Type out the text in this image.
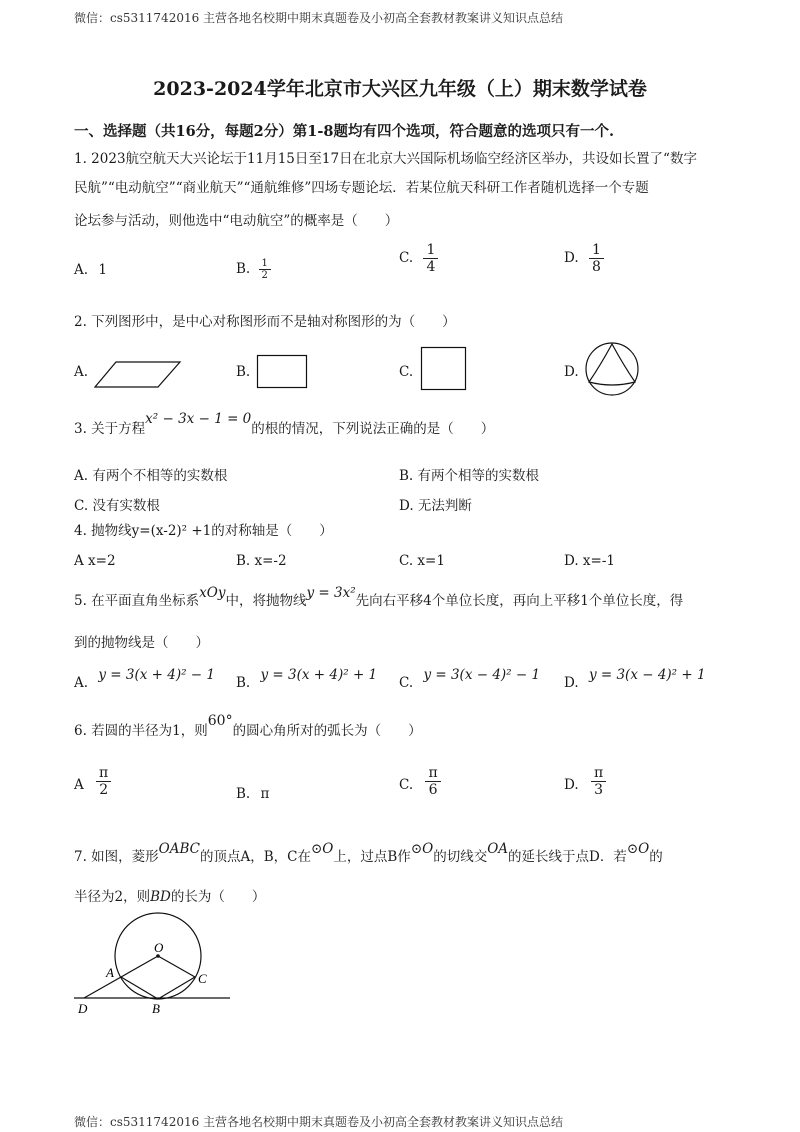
微信：cs5311742016 主营各地名校期中期末真题卷及小初高全套教材教案讲义知识点总结
微信：cs5311742016 主营各地名校期中期末真题卷及小初高全套教材教案讲义知识点总结
2023-2024学年北京市大兴区九年级（上）期末数学试卷
一、选择题（共16分，每题2分）第1-8题均有四个选项，符合题意的选项只有一个.
1. 2023航空航天大兴论坛于11月15日至17日在北京大兴国际机场临空经济区举办，共设如长置了“数字
民航”“电动航空”“商业航天”“通航维修”四场专题论坛．若某位航天科研工作者随机选择一个专题
论坛参与活动，则他选中“电动航空”的概率是（　　）
A. 1	B. $\frac{1}{2}$	C. $\frac{1}{4}$	D. $\frac{1}{8}$
2. 下列图形中，是中心对称图形而不是轴对称图形的为（　　）
A.	B.	C.	D.
3. 关于方程x² − 3x − 1 = 0的根的情况，下列说法正确的是（　　）
A. 有两个不相等的实数根	B. 有两个相等的实数根
C. 没有实数根	D. 无法判断
4. 抛物线y=(x-2)² +1的对称轴是（　　）
A x=2	B. x=-2	C. x=1	D. x=-1
5. 在平面直角坐标系xOy中，将抛物线y = 3x²先向右平移4个单位长度，再向上平移1个单位长度，得
到的抛物线是（　　）
A. y = 3(x + 4)² − 1 B. y = 3(x + 4)² + 1 C. y = 3(x − 4)² − 1 D. y = 3(x − 4)² + 1
6. 若圆的半径为1，则60°的圆心角所对的弧长为（　　）
A $\frac{\pi}{2}$	B. π
C. $\frac{\pi}{6}$	D. $\frac{\pi}{3}$
7. 如图，菱形OABC的顶点A，B，C在⊙O上，过点B作⊙O的切线交OA的延长线于点D．若⊙O的
半径为2，则BD的长为（　　）
O
A	C
D	B
